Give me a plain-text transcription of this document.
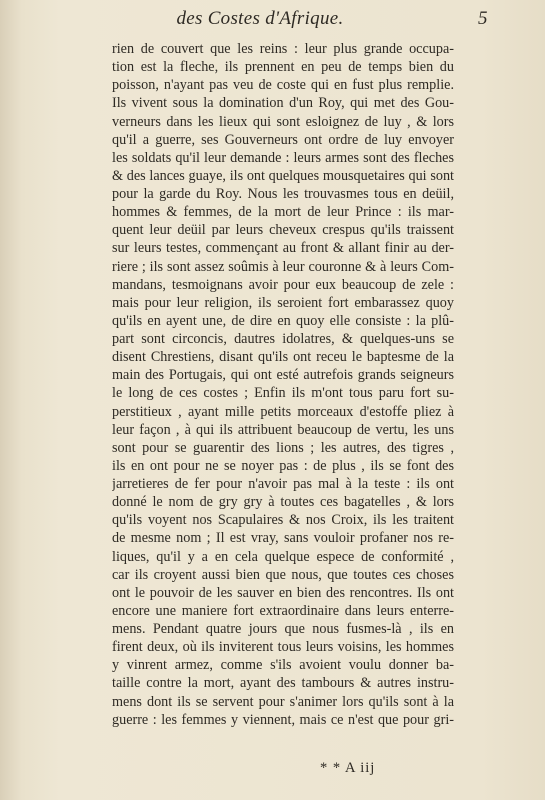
des Costes d'Afrique.	5
rien de couvert que les reins : leur plus grande occupa-
tion est la fleche, ils prennent en peu de temps bien du
poisson, n'ayant pas veu de coste qui en fust plus remplie.
Ils vivent sous la domination d'un Roy, qui met des Gou-
verneurs dans les lieux qui sont esloignez de luy , & lors
qu'il a guerre, ses Gouverneurs ont ordre de luy envoyer
les soldats qu'il leur demande : leurs armes sont des fleches
& des lances guaye, ils ont quelques mousquetaires qui sont
pour la garde du Roy. Nous les trouvasmes tous en deüil,
hommes & femmes, de la mort de leur Prince : ils mar-
quent leur deüil par leurs cheveux crespus qu'ils traissent
sur leurs testes, commençant au front & allant finir au der-
riere ; ils sont assez soûmis à leur couronne & à leurs Com-
mandans, tesmoignans avoir pour eux beaucoup de zele :
mais pour leur religion, ils seroient fort embarassez quoy
qu'ils en ayent une, de dire en quoy elle consiste : la plû-
part sont circoncis, dautres idolatres, & quelques-uns se
disent Chrestiens, disant qu'ils ont receu le baptesme de la
main des Portugais, qui ont esté autrefois grands seigneurs
le long de ces costes ; Enfin ils m'ont tous paru fort su-
perstitieux , ayant mille petits morceaux d'estoffe pliez à
leur façon , à qui ils attribuent beaucoup de vertu, les uns
sont pour se guarentir des lions ; les autres, des tigres ,
ils en ont pour ne se noyer pas : de plus , ils se font des
jarretieres de fer pour n'avoir pas mal à la teste : ils ont
donné le nom de gry gry à toutes ces bagatelles , & lors
qu'ils voyent nos Scapulaires & nos Croix, ils les traitent
de mesme nom ; Il est vray, sans vouloir profaner nos re-
liques, qu'il y a en cela quelque espece de conformité ,
car ils croyent aussi bien que nous, que toutes ces choses
ont le pouvoir de les sauver en bien des rencontres. Ils ont
encore une maniere fort extraordinaire dans leurs enterre-
mens. Pendant quatre jours que nous fusmes-là , ils en
firent deux, où ils inviterent tous leurs voisins, les hommes
y vinrent armez, comme s'ils avoient voulu donner ba-
taille contre la mort, ayant des tambours & autres instru-
mens dont ils se servent pour s'animer lors qu'ils sont à la
guerre : les femmes y viennent, mais ce n'est que pour gri-
* * A iij
